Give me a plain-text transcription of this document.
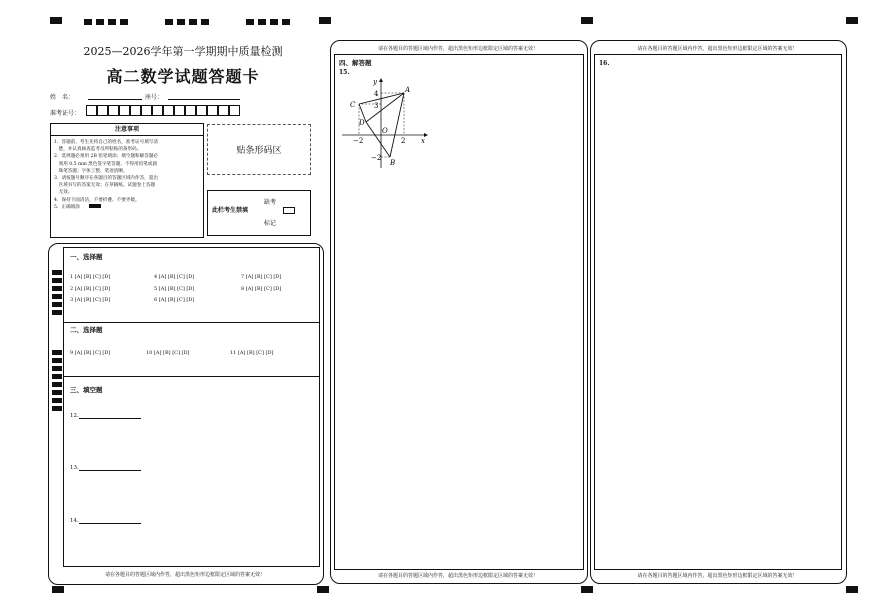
2025—2026学年第一学期期中质量检测
高二数学试题答题卡
姓　名：	座号：
准考证号：
注意事项
1．答题前，考生先将自己的姓名，准考证号填写清
　楚，并认真核查监考员所粘贴的条形码。
2．选择题必须用 2B 铅笔填涂；填空题和解答题必
　须用 0.5 mm 黑色签字笔答题，不得用铅笔或圆
　珠笔答题；字体工整、笔迹清晰。
3．请按题号顺序在各题目的答题区域内作答，超出
　区域书写的答案无效；在草稿纸、试题卷上答题
　无效。
4．保持卡面清洁，不要折叠、不要弄破。
5．正确填涂
贴条形码区
此栏考生禁填
缺考
标记
一、选择题
1 [A] [B] [C] [D]
2 [A] [B] [C] [D]
3 [A] [B] [C] [D]
4 [A] [B] [C] [D]
5 [A] [B] [C] [D]
6 [A] [B] [C] [D]
7 [A] [B] [C] [D]
8 [A] [B] [C] [D]
二、选择题
9 [A] [B] [C] [D]	10 [A] [B] [C] [D]	11 [A] [B] [C] [D]
三、填空题
12.
13.
14.
请在各题目的答题区域内作答，超出黑色矩形边框限定区域的答案无效！
请在各题目的答题区域内作答，超出黑色矩形边框限定区域的答案无效！
四、解答题
15.
A
B
C
D
O
x
y
4
3
−2
−2	2
请在各题目的答题区域内作答，超出黑色矩形边框限定区域的答案无效！
请在各题目的答题区域内作答，超出黑色矩形边框限定区域的答案无效！
16.
请在各题目的答题区域内作答，超出黑色矩形边框限定区域的答案无效！
